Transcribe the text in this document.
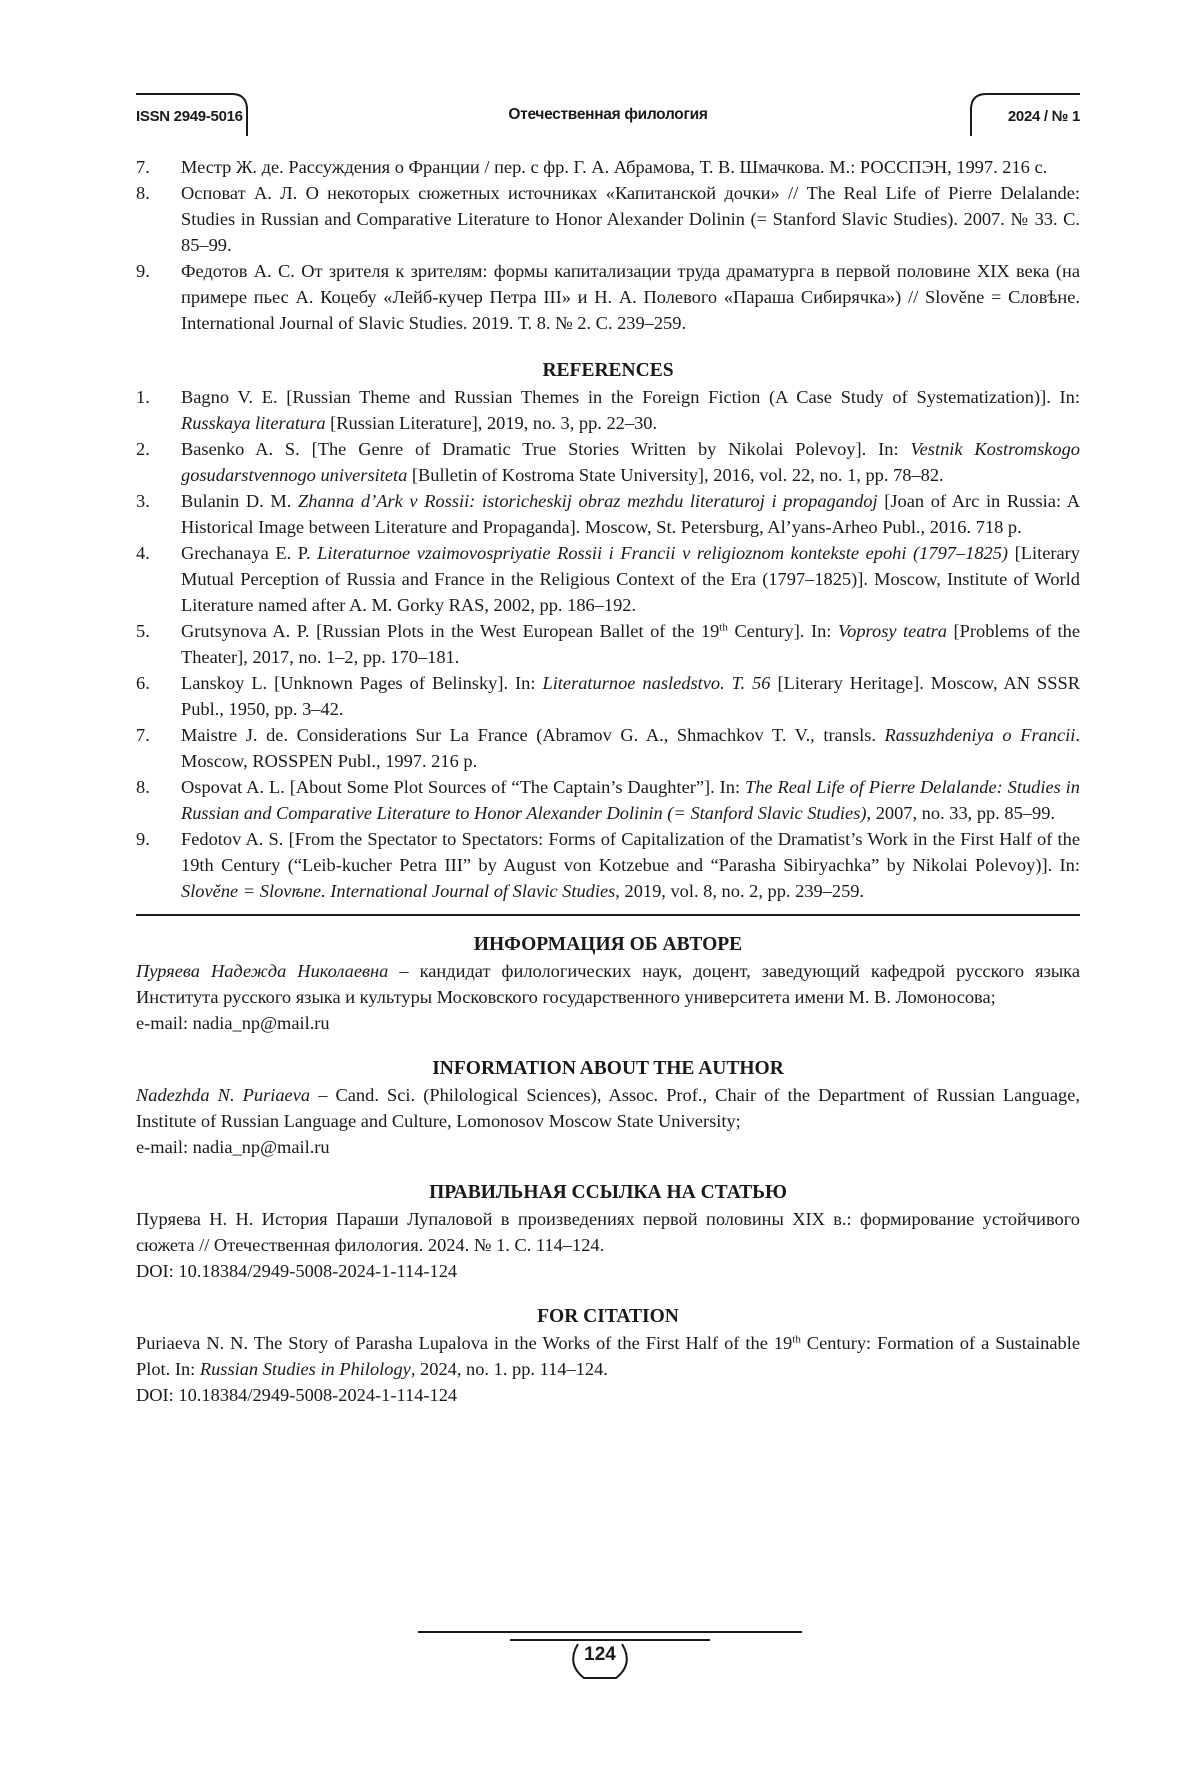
ISSN 2949-5016	Отечественная филология	2024 / № 1
7. Местр Ж. де. Рассуждения о Франции / пер. с фр. Г. А. Абрамова, Т. В. Шмачкова. М.: РОССПЭН, 1997. 216 с.
8. Осповат А. Л. О некоторых сюжетных источниках «Капитанской дочки» // The Real Life of Pierre Delalande: Studies in Russian and Comparative Literature to Honor Alexander Dolinin (= Stanford Slavic Studies). 2007. № 33. С. 85–99.
9. Федотов А. С. От зрителя к зрителям: формы капитализации труда драматурга в первой половине XIX века (на примере пьес А. Коцебу «Лейб-кучер Петра III» и Н. А. Полевого «Параша Сибирячка») // Slověne = Словѣне. International Journal of Slavic Studies. 2019. Т. 8. № 2. С. 239–259.
REFERENCES
1. Bagno V. E. [Russian Theme and Russian Themes in the Foreign Fiction (A Case Study of Systematization)]. In: Russkaya literatura [Russian Literature], 2019, no. 3, pp. 22–30.
2. Basenko A. S. [The Genre of Dramatic True Stories Written by Nikolai Polevoy]. In: Vestnik Kostromskogo gosudarstvennogo universiteta [Bulletin of Kostroma State University], 2016, vol. 22, no. 1, pp. 78–82.
3. Bulanin D. M. Zhanna d’Ark v Rossii: istoricheskij obraz mezhdu literaturoj i propagandoj [Joan of Arc in Russia: A Historical Image between Literature and Propaganda]. Moscow, St. Petersburg, Al’yans-Arheo Publ., 2016. 718 p.
4. Grechanaya E. P. Literaturnoe vzaimovospriyatie Rossii i Francii v religioznom kontekste epohi (1797–1825) [Literary Mutual Perception of Russia and France in the Religious Context of the Era (1797–1825)]. Moscow, Institute of World Literature named after A. M. Gorky RAS, 2002, pp. 186–192.
5. Grutsynova A. P. [Russian Plots in the West European Ballet of the 19th Century]. In: Voprosy teatra [Problems of the Theater], 2017, no. 1–2, pp. 170–181.
6. Lanskoy L. [Unknown Pages of Belinsky]. In: Literaturnoe nasledstvo. T. 56 [Literary Heritage]. Moscow, AN SSSR Publ., 1950, pp. 3–42.
7. Maistre J. de. Considerations Sur La France (Abramov G. A., Shmachkov T. V., transls. Rassuzhdeniya o Francii. Moscow, ROSSPEN Publ., 1997. 216 p.
8. Ospovat A. L. [About Some Plot Sources of “The Captain’s Daughter”]. In: The Real Life of Pierre Delalande: Studies in Russian and Comparative Literature to Honor Alexander Dolinin (= Stanford Slavic Studies), 2007, no. 33, pp. 85–99.
9. Fedotov A. S. [From the Spectator to Spectators: Forms of Capitalization of the Dramatist’s Work in the First Half of the 19th Century (“Leib-kucher Petra III” by August von Kotzebue and “Parasha Sibiryachka” by Nikolai Polevoy)]. In: Slověne = Slovѣne. International Journal of Slavic Studies, 2019, vol. 8, no. 2, pp. 239–259.
ИНФОРМАЦИЯ ОБ АВТОРЕ

Пуряева Надежда Николаевна – кандидат филологических наук, доцент, заведующий кафедрой русского языка Института русского языка и культуры Московского государственного университета имени М. В. Ломоносова;

e-mail: nadia_np@mail.ru

INFORMATION ABOUT THE AUTHOR

Nadezhda N. Puriaeva – Cand. Sci. (Philological Sciences), Assoc. Prof., Chair of the Department of Russian Language, Institute of Russian Language and Culture, Lomonosov Moscow State University;

e-mail: nadia_np@mail.ru

ПРАВИЛЬНАЯ ССЫЛКА НА СТАТЬЮ

Пуряева Н. Н. История Параши Лупаловой в произведениях первой половины XIX в.: формирование устойчивого сюжета // Отечественная филология. 2024. № 1. С. 114–124.

DOI: 10.18384/2949-5008-2024-1-114-124

FOR CITATION

Puriaeva N. N. The Story of Parasha Lupalova in the Works of the First Half of the 19th Century: Formation of a Sustainable Plot. In: Russian Studies in Philology, 2024, no. 1. pp. 114–124.

DOI: 10.18384/2949-5008-2024-1-114-124

124
